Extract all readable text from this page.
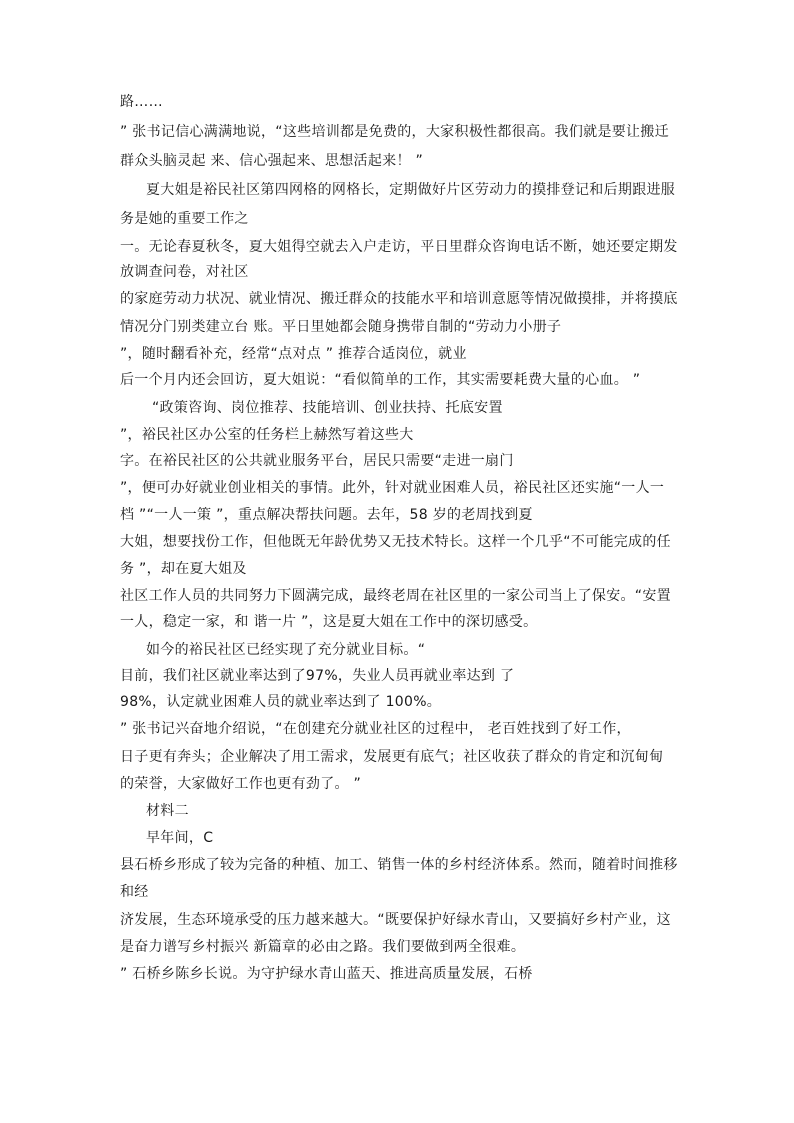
路……
” 张书记信心满满地说，“这些培训都是免费的，大家积极性都很高。我们就是要让搬迁
群众头脑灵起 来、信心强起来、思想活起来！ ”
夏大姐是裕民社区第四网格的网格长，定期做好片区劳动力的摸排登记和后期跟进服
务是她的重要工作之
一。无论春夏秋冬，夏大姐得空就去入户走访，平日里群众咨询电话不断，她还要定期发
放调查问卷，对社区
的家庭劳动力状况、就业情况、搬迁群众的技能水平和培训意愿等情况做摸排，并将摸底
情况分门别类建立台 账。平日里她都会随身携带自制的“劳动力小册子
”，随时翻看补充，经常“点对点 ” 推荐合适岗位，就业
后一个月内还会回访，夏大姐说：“看似简单的工作，其实需要耗费大量的心血。 ”
“政策咨询、岗位推荐、技能培训、创业扶持、托底安置
”，裕民社区办公室的任务栏上赫然写着这些大
字。在裕民社区的公共就业服务平台，居民只需要“走进一扇门
”，便可办好就业创业相关的事情。此外，针对就业困难人员，裕民社区还实施“一人一
档 ”“一人一策 ”，重点解决帮扶问题。去年，58 岁的老周找到夏
大姐，想要找份工作，但他既无年龄优势又无技术特长。这样一个几乎“不可能完成的任
务 ”，却在夏大姐及
社区工作人员的共同努力下圆满完成，最终老周在社区里的一家公司当上了保安。“安置
一人，稳定一家，和 谐一片 ”，这是夏大姐在工作中的深切感受。
如今的裕民社区已经实现了充分就业目标。“
目前，我们社区就业率达到了97%，失业人员再就业率达到 了
98%，认定就业困难人员的就业率达到了 100%。
” 张书记兴奋地介绍说，“在创建充分就业社区的过程中， 老百姓找到了好工作，
日子更有奔头；企业解决了用工需求，发展更有底气；社区收获了群众的肯定和沉甸甸
的荣誉，大家做好工作也更有劲了。 ”
材料二
早年间，C
县石桥乡形成了较为完备的种植、加工、销售一体的乡村经济体系。然而，随着时间推移
和经
济发展，生态环境承受的压力越来越大。“既要保护好绿水青山，又要搞好乡村产业，这
是奋力谱写乡村振兴 新篇章的必由之路。我们要做到两全很难。
” 石桥乡陈乡长说。为守护绿水青山蓝天、推进高质量发展，石桥
